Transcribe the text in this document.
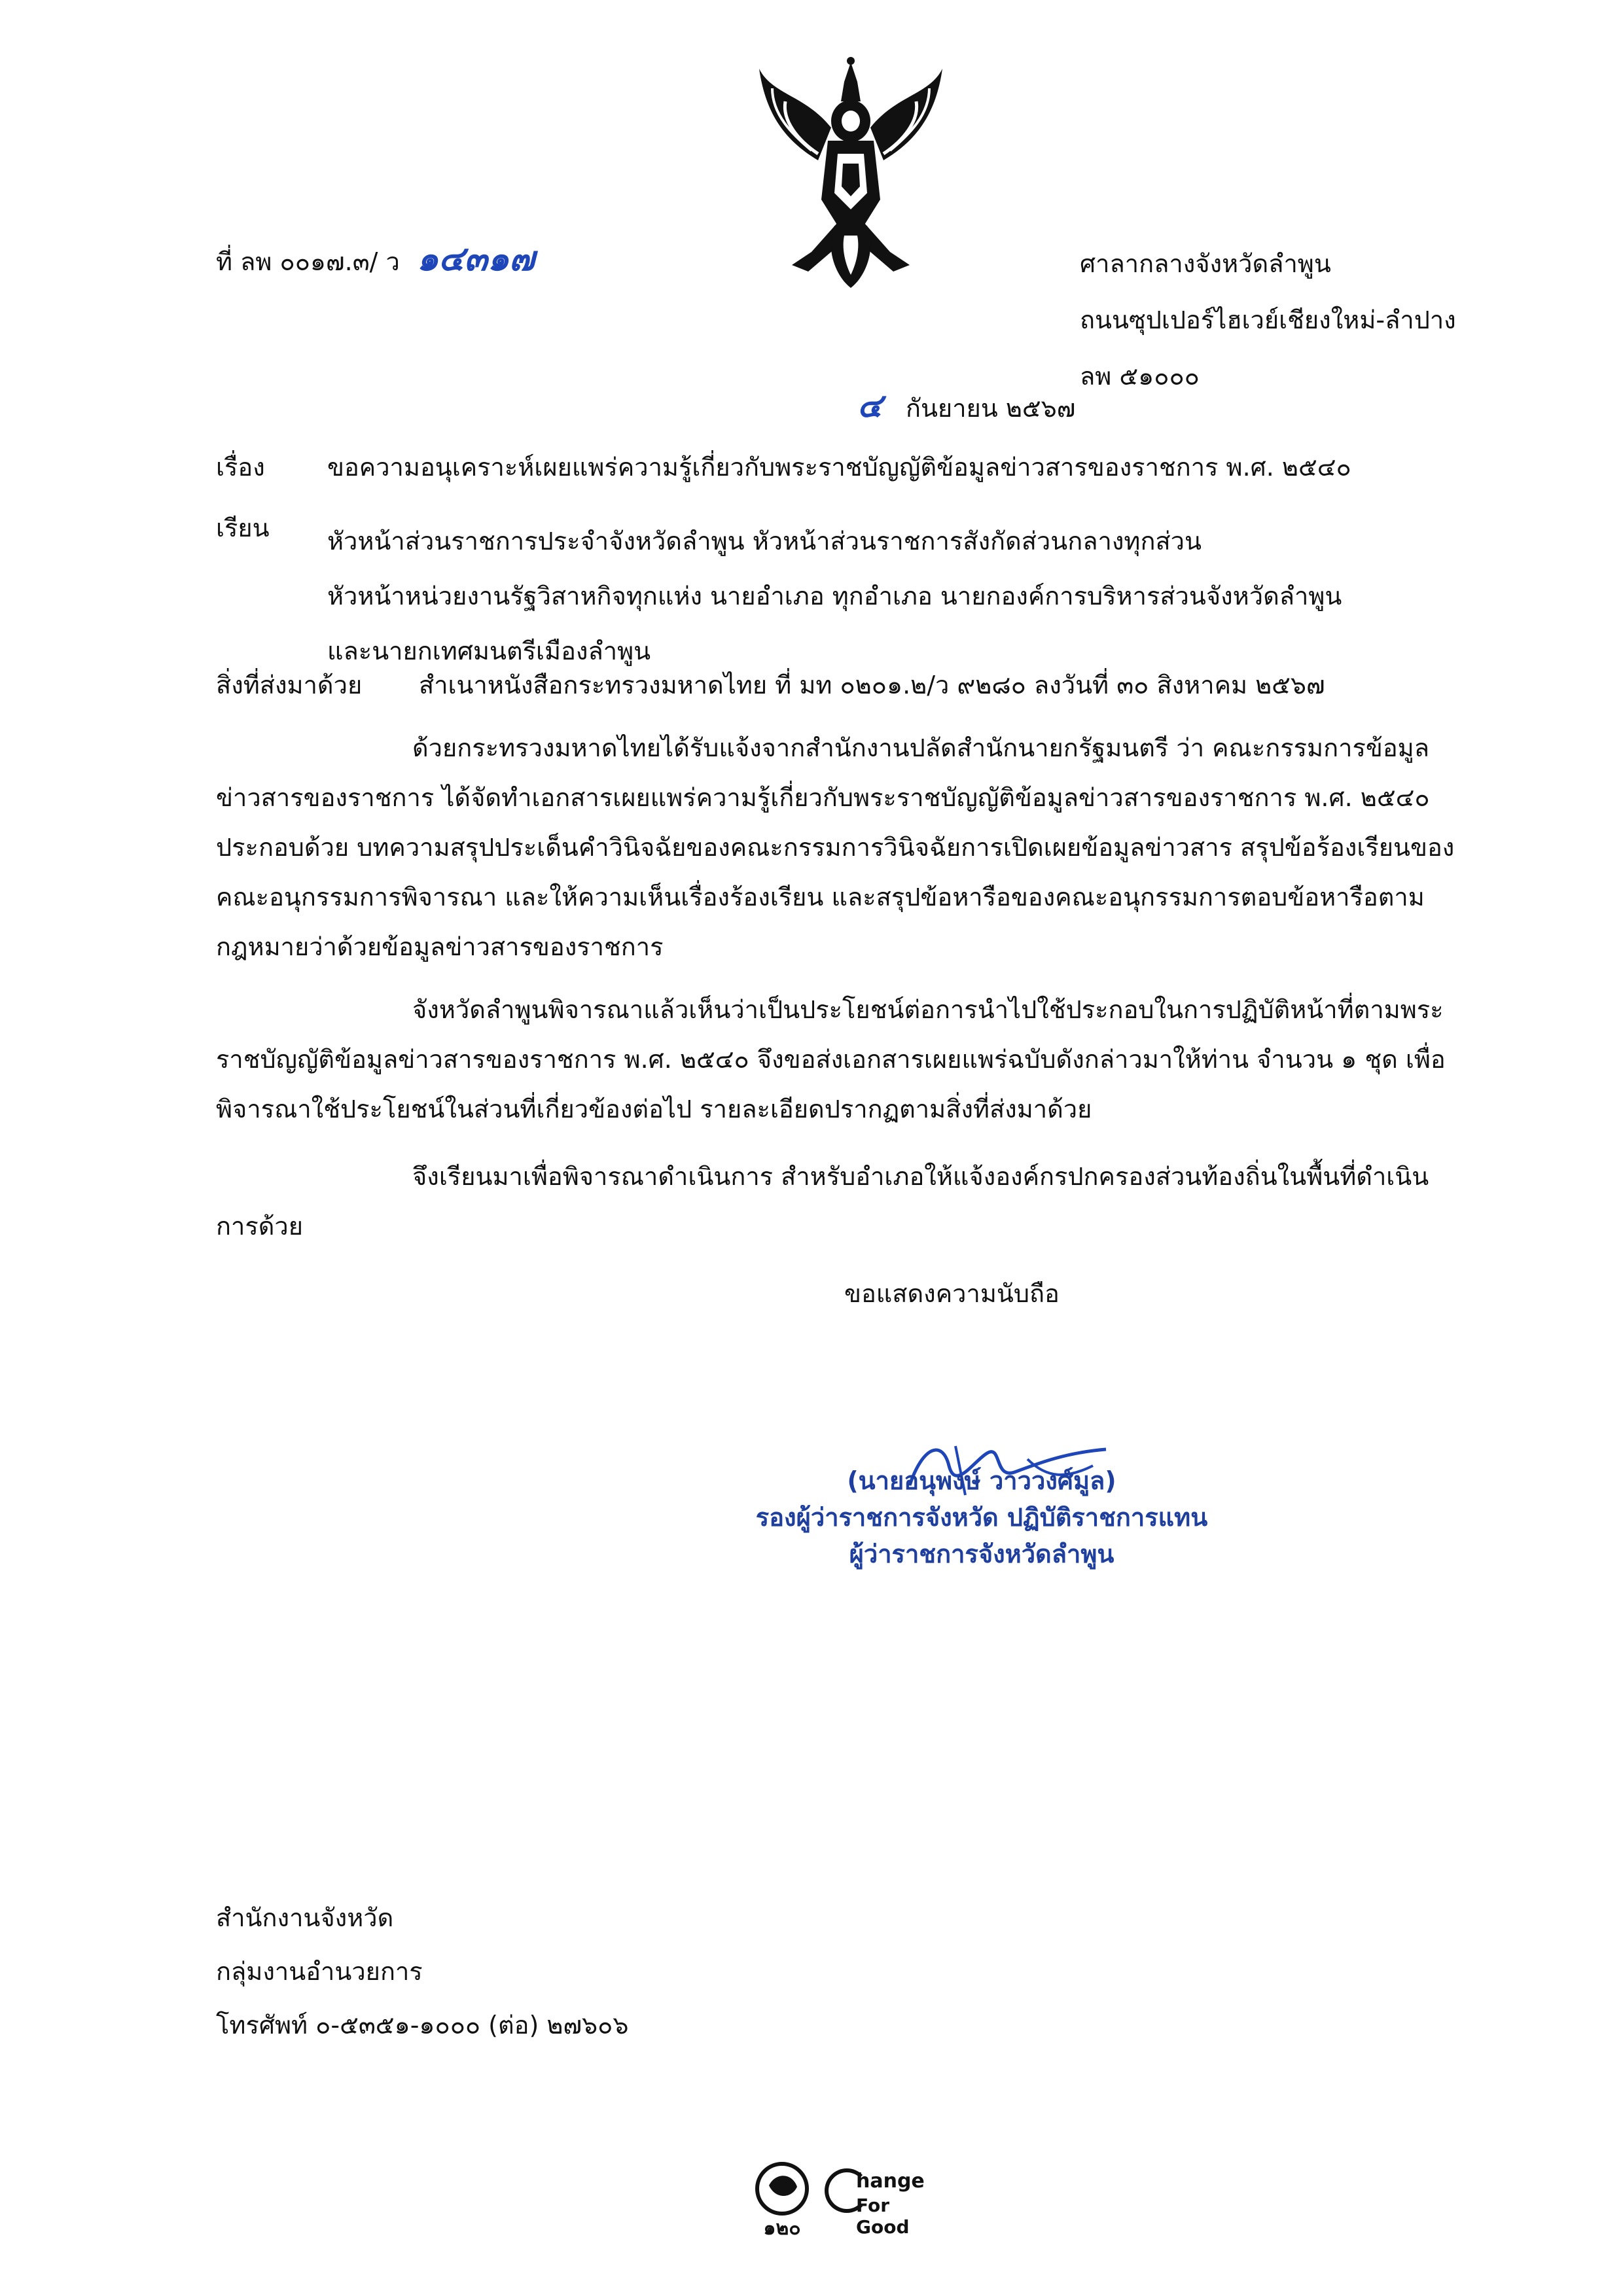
ที่ ลพ ๐๐๑๗.๓/ ว ๑๔๓๑๗	ศาลากลางจังหวัดลำพูน
ถนนซุปเปอร์ไฮเวย์เชียงใหม่-ลำปาง
ลพ ๕๑๐๐๐
๔ กันยายน ๒๕๖๗
เรื่อง	ขอความอนุเคราะห์เผยแพร่ความรู้เกี่ยวกับพระราชบัญญัติข้อมูลข่าวสารของราชการ พ.ศ. ๒๕๔๐
เรียน หัวหน้าส่วนราชการประจำจังหวัดลำพูน หัวหน้าส่วนราชการสังกัดส่วนกลางทุกส่วน
หัวหน้าหน่วยงานรัฐวิสาหกิจทุกแห่ง นายอำเภอ ทุกอำเภอ นายกองค์การบริหารส่วนจังหวัดลำพูน
และนายกเทศมนตรีเมืองลำพูน
สิ่งที่ส่งมาด้วย สำเนาหนังสือกระทรวงมหาดไทย ที่ มท ๐๒๐๑.๒/ว ๙๒๘๐ ลงวันที่ ๓๐ สิงหาคม ๒๕๖๗
ด้วยกระทรวงมหาดไทยได้รับแจ้งจากสำนักงานปลัดสำนักนายกรัฐมนตรี ว่า คณะกรรมการข้อมูลข่าวสารของราชการ ได้จัดทำเอกสารเผยแพร่ความรู้เกี่ยวกับพระราชบัญญัติข้อมูลข่าวสารของราชการ พ.ศ. ๒๕๔๐ ประกอบด้วย บทความสรุปประเด็นคำวินิจฉัยของคณะกรรมการวินิจฉัยการเปิดเผยข้อมูลข่าวสาร สรุปข้อร้องเรียนของคณะอนุกรรมการพิจารณา และให้ความเห็นเรื่องร้องเรียน และสรุปข้อหารือของคณะอนุกรรมการตอบข้อหารือตามกฎหมายว่าด้วยข้อมูลข่าวสารของราชการ
จังหวัดลำพูนพิจารณาแล้วเห็นว่าเป็นประโยชน์ต่อการนำไปใช้ประกอบในการปฏิบัติหน้าที่ตามพระราชบัญญัติข้อมูลข่าวสารของราชการ พ.ศ. ๒๕๔๐ จึงขอส่งเอกสารเผยแพร่ฉบับดังกล่าวมาให้ท่าน จำนวน ๑ ชุด เพื่อพิจารณาใช้ประโยชน์ในส่วนที่เกี่ยวข้องต่อไป รายละเอียดปรากฏตามสิ่งที่ส่งมาด้วย
จึงเรียนมาเพื่อพิจารณาดำเนินการ สำหรับอำเภอให้แจ้งองค์กรปกครองส่วนท้องถิ่นในพื้นที่ดำเนินการด้วย
ขอแสดงความนับถือ
(นายอนุพงษ์ วาววงศ์มูล)
รองผู้ว่าราชการจังหวัด ปฏิบัติราชการแทน
ผู้ว่าราชการจังหวัดลำพูน
สำนักงานจังหวัด
กลุ่มงานอำนวยการ
โทรศัพท์ ๐-๕๓๕๑-๑๐๐๐ (ต่อ) ๒๗๖๐๖
๑๒๐
hange
For Good
